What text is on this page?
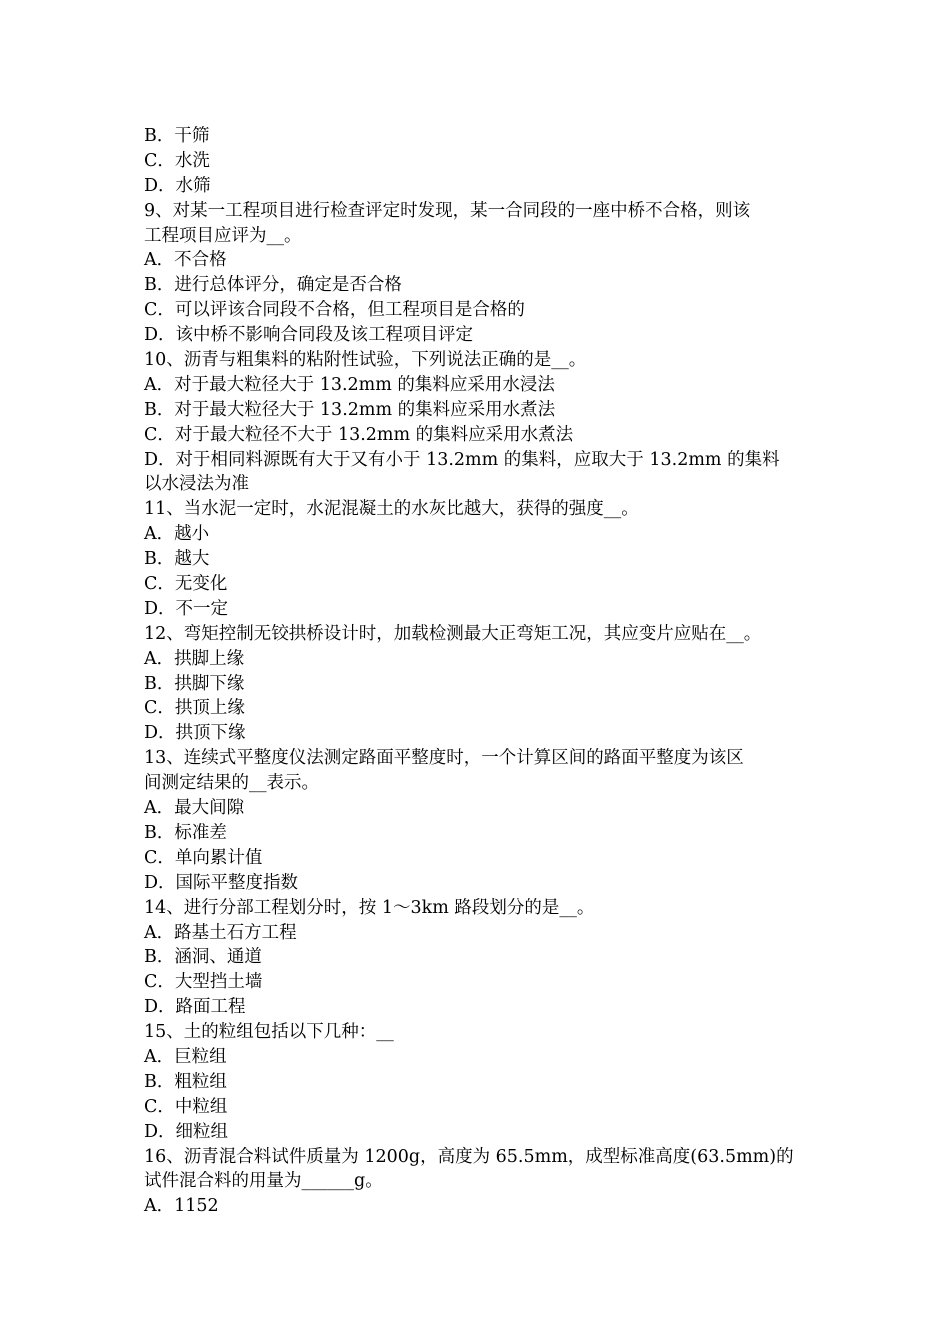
B．干筛
C．水洗
D．水筛
9、对某一工程项目进行检查评定时发现，某一合同段的一座中桥不合格，则该
工程项目应评为__。
A．不合格
B．进行总体评分，确定是否合格
C．可以评该合同段不合格，但工程项目是合格的
D．该中桥不影响合同段及该工程项目评定
10、沥青与粗集料的粘附性试验，下列说法正确的是__。
A．对于最大粒径大于 13.2mm 的集料应采用水浸法
B．对于最大粒径大于 13.2mm 的集料应采用水煮法
C．对于最大粒径不大于 13.2mm 的集料应采用水煮法
D．对于相同料源既有大于又有小于 13.2mm 的集料，应取大于 13.2mm 的集料
以水浸法为准
11、当水泥一定时，水泥混凝土的水灰比越大，获得的强度__。
A．越小
B．越大
C．无变化
D．不一定
12、弯矩控制无铰拱桥设计时，加载检测最大正弯矩工况，其应变片应贴在__。
A．拱脚上缘
B．拱脚下缘
C．拱顶上缘
D．拱顶下缘
13、连续式平整度仪法测定路面平整度时，一个计算区间的路面平整度为该区
间测定结果的__表示。
A．最大间隙
B．标准差
C．单向累计值
D．国际平整度指数
14、进行分部工程划分时，按 1～3km 路段划分的是__。
A．路基土石方工程
B．涵洞、通道
C．大型挡土墙
D．路面工程
15、土的粒组包括以下几种：__
A．巨粒组
B．粗粒组
C．中粒组
D．细粒组
16、沥青混合料试件质量为 1200g，高度为 65.5mm，成型标准高度(63.5mm)的
试件混合料的用量为______g。
A．1152
